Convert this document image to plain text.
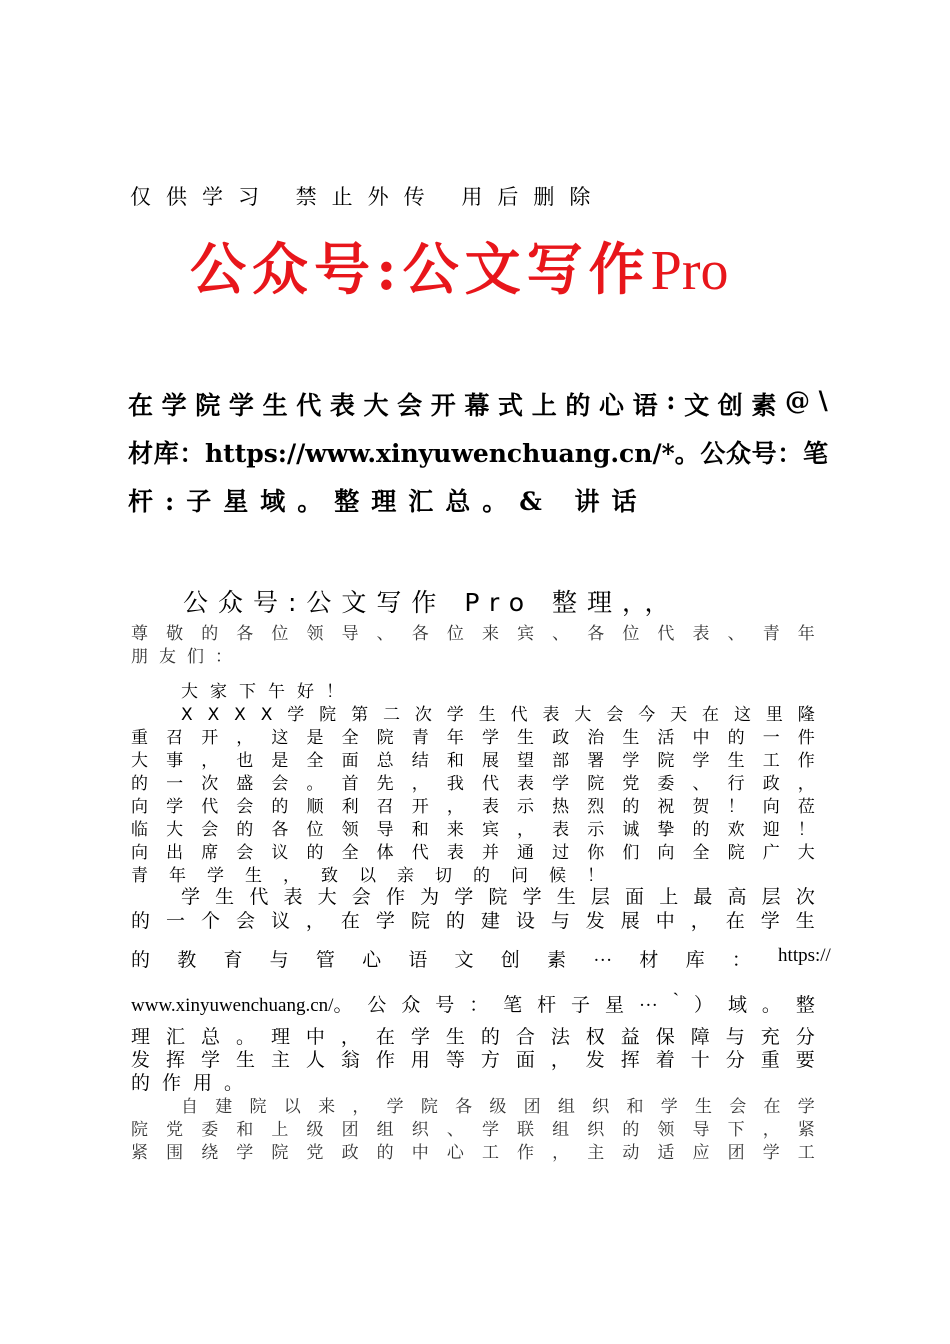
仅供学习 禁止外传 用后删除
公众号:公文写作Pro
在 学 院 学 生 代 表 大 会 开 幕 式 上 的 心 语 : 文 创 素 @ \
材 库 ： https://www.xinyuwenchuang.cn/*。 公 众 号 ： 笔
杆:子星域。整理汇总。& 讲话
公众号:公文写作 Pro 整理，，
尊 敬 的 各 位 领 导 、 各 位 来 宾 、 各 位 代 表 、 青 年
朋友们：
大家下午好！
X X X X 学 院 第 二 次 学 生 代 表 大 会 今 天 在 这 里 隆
重 召 开 ， 这 是 全 院 青 年 学 生 政 治 生 活 中 的 一 件
大 事 ， 也 是 全 面 总 结 和 展 望 部 署 学 院 学 生 工 作
的 一 次 盛 会 。 首 先 ， 我 代 表 学 院 党 委 、 行 政 ，
向 学 代 会 的 顺 利 召 开 ， 表 示 热 烈 的 祝 贺 ！ 向 莅
临 大 会 的 各 位 领 导 和 来 宾 ， 表 示 诚 挚 的 欢 迎 ！
向 出 席 会 议 的 全 体 代 表 并 通 过 你 们 向 全 院 广 大
青年学生，致以亲切的问候！
学 生 代 表 大 会 作 为 学 院 学 生 层 面 上 最 高 层 次
的 一 个 会 议 ， 在 学 院 的 建 设 与 发 展 中 ， 在 学 生
的 教 育 与 管 心 语 文 创 素 … 材 库 ： https://
www.xinyuwenchuang.cn/。 公 众 号 ： 笔 杆 子 星 … ` ） 域 。 整
理 汇 总 。 理 中 ， 在 学 生 的 合 法 权 益 保 障 与 充 分
发 挥 学 生 主 人 翁 作 用 等 方 面 ， 发 挥 着 十 分 重 要
的作用。
自 建 院 以 来 ， 学 院 各 级 团 组 织 和 学 生 会 在 学
院 党 委 和 上 级 团 组 织 、 学 联 组 织 的 领 导 下 ， 紧
紧 围 绕 学 院 党 政 的 中 心 工 作 ， 主 动 适 应 团 学 工
